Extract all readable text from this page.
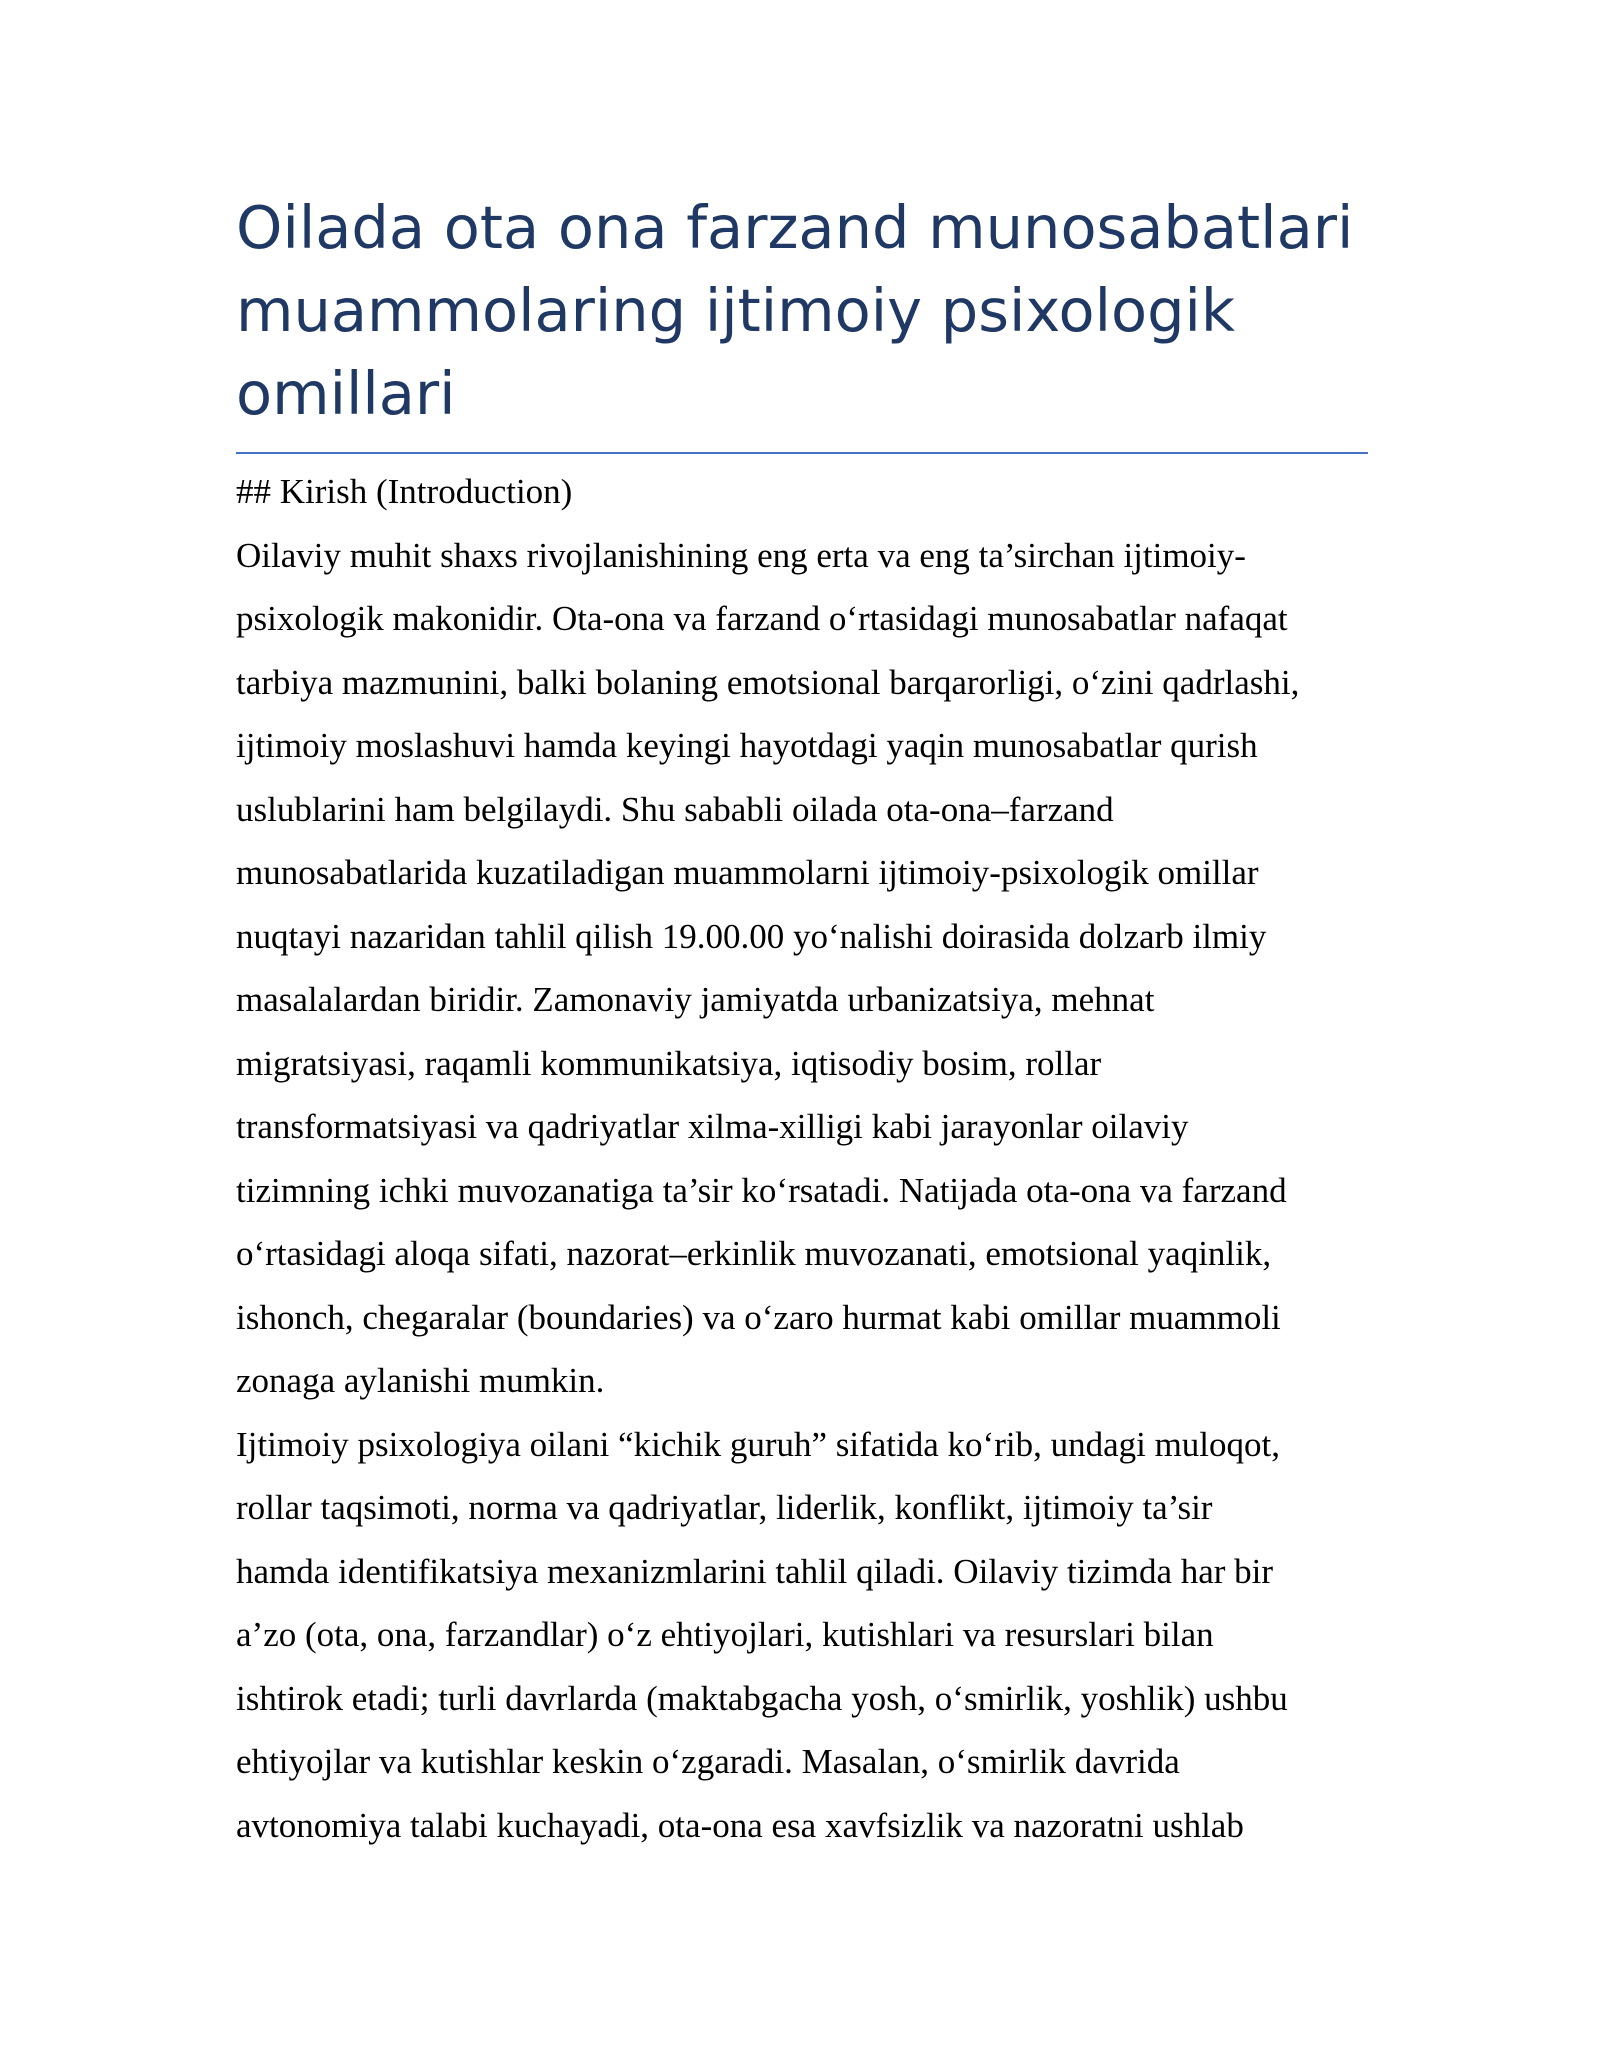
Oilada ota ona farzand munosabatlari
muammolaring ijtimoiy psixologik
omillari

## Kirish (Introduction)

Oilaviy muhit shaxs rivojlanishining eng erta va eng ta’sirchan ijtimoiy-
psixologik makonidir. Ota-ona va farzand o‘rtasidagi munosabatlar nafaqat
tarbiya mazmunini, balki bolaning emotsional barqarorligi, o‘zini qadrlashi,
ijtimoiy moslashuvi hamda keyingi hayotdagi yaqin munosabatlar qurish
uslublarini ham belgilaydi. Shu sababli oilada ota-ona–farzand
munosabatlarida kuzatiladigan muammolarni ijtimoiy-psixologik omillar
nuqtayi nazaridan tahlil qilish 19.00.00 yo‘nalishi doirasida dolzarb ilmiy
masalalardan biridir. Zamonaviy jamiyatda urbanizatsiya, mehnat
migratsiyasi, raqamli kommunikatsiya, iqtisodiy bosim, rollar
transformatsiyasi va qadriyatlar xilma-xilligi kabi jarayonlar oilaviy
tizimning ichki muvozanatiga ta’sir ko‘rsatadi. Natijada ota-ona va farzand
o‘rtasidagi aloqa sifati, nazorat–erkinlik muvozanati, emotsional yaqinlik,
ishonch, chegaralar (boundaries) va o‘zaro hurmat kabi omillar muammoli
zonaga aylanishi mumkin.

Ijtimoiy psixologiya oilani “kichik guruh” sifatida ko‘rib, undagi muloqot,
rollar taqsimoti, norma va qadriyatlar, liderlik, konflikt, ijtimoiy ta’sir
hamda identifikatsiya mexanizmlarini tahlil qiladi. Oilaviy tizimda har bir
a’zo (ota, ona, farzandlar) o‘z ehtiyojlari, kutishlari va resurslari bilan
ishtirok etadi; turli davrlarda (maktabgacha yosh, o‘smirlik, yoshlik) ushbu
ehtiyojlar va kutishlar keskin o‘zgaradi. Masalan, o‘smirlik davrida
avtonomiya talabi kuchayadi, ota-ona esa xavfsizlik va nazoratni ushlab
